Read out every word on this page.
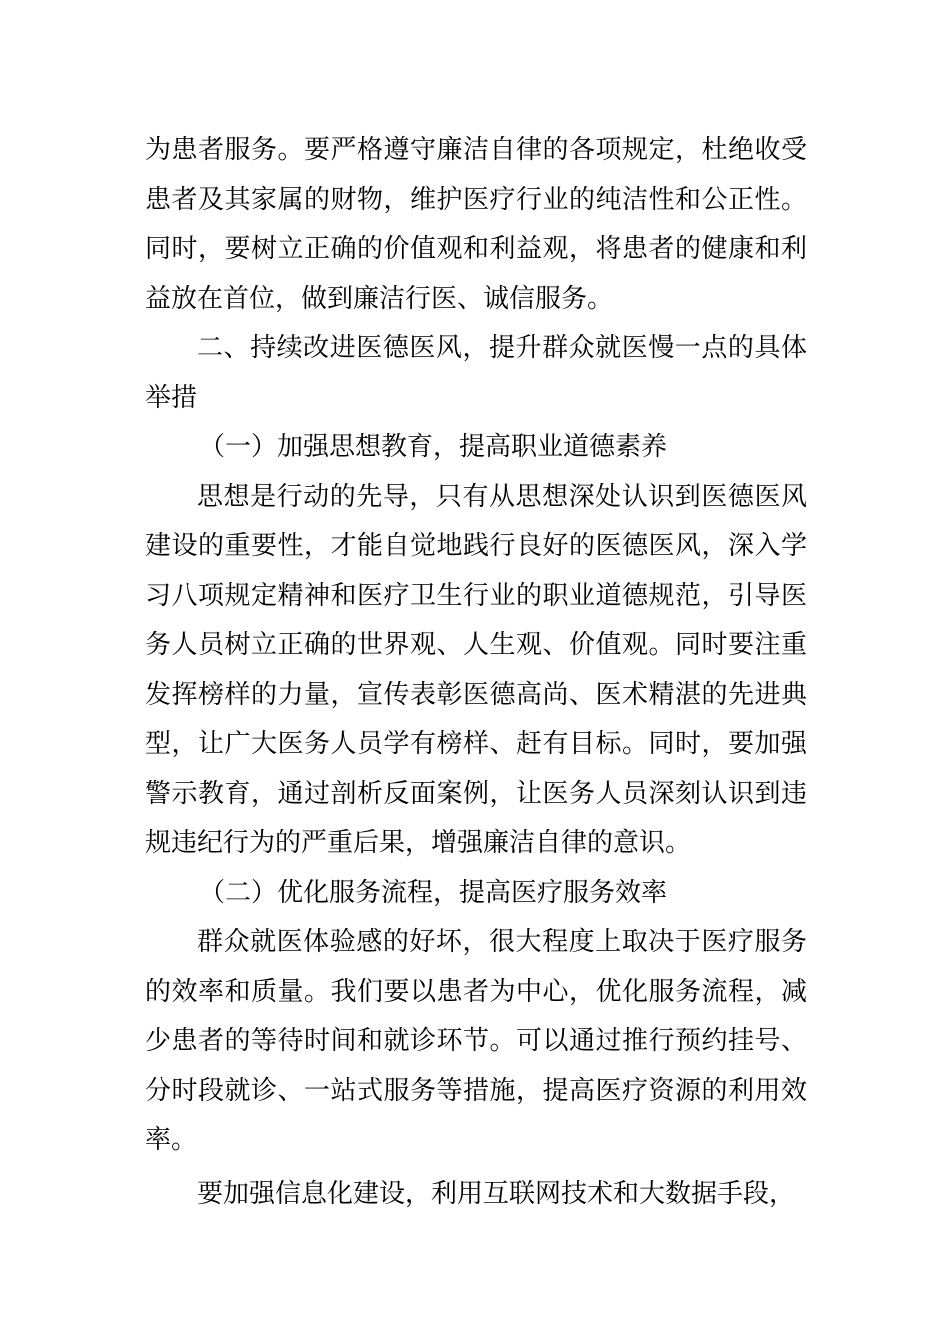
为患者服务。要严格遵守廉洁自律的各项规定，杜绝收受患者及其家属的财物，维护医疗行业的纯洁性和公正性。同时，要树立正确的价值观和利益观，将患者的健康和利益放在首位，做到廉洁行医、诚信服务。

二、持续改进医德医风，提升群众就医慢一点的具体举措

（一）加强思想教育，提高职业道德素养

思想是行动的先导，只有从思想深处认识到医德医风建设的重要性，才能自觉地践行良好的医德医风，深入学习八项规定精神和医疗卫生行业的职业道德规范，引导医务人员树立正确的世界观、人生观、价值观。同时要注重发挥榜样的力量，宣传表彰医德高尚、医术精湛的先进典型，让广大医务人员学有榜样、赶有目标。同时，要加强警示教育，通过剖析反面案例，让医务人员深刻认识到违规违纪行为的严重后果，增强廉洁自律的意识。

（二）优化服务流程，提高医疗服务效率

群众就医体验感的好坏，很大程度上取决于医疗服务的效率和质量。我们要以患者为中心，优化服务流程，减少患者的等待时间和就诊环节。可以通过推行预约挂号、分时段就诊、一站式服务等措施，提高医疗资源的利用效率。

要加强信息化建设，利用互联网技术和大数据手段，
